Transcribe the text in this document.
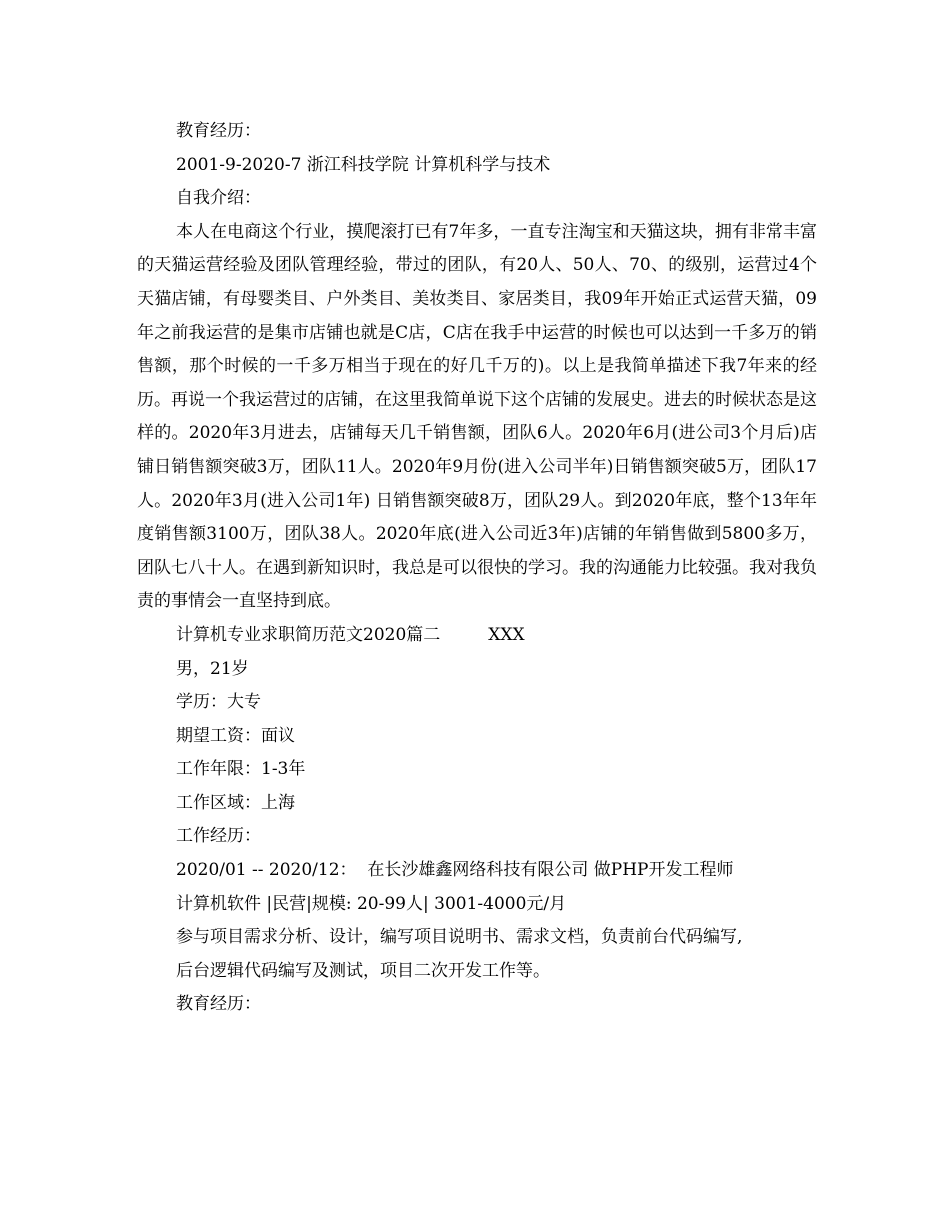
教育经历：
2001-9-2020-7 浙江科技学院 计算机科学与技术
自我介绍：

本人在电商这个行业，摸爬滚打已有7年多，一直专注淘宝和天猫这块，拥有非常丰富的天猫运营经验及团队管理经验，带过的团队，有20人、50人、70、的级别，运营过4个天猫店铺，有母婴类目、户外类目、美妆类目、家居类目，我09年开始正式运营天猫，09年之前我运营的是集市店铺也就是C店，C店在我手中运营的时候也可以达到一千多万的销售额，那个时候的一千多万相当于现在的好几千万的)。以上是我简单描述下我7年来的经历。再说一个我运营过的店铺，在这里我简单说下这个店铺的发展史。进去的时候状态是这样的。2020年3月进去，店铺每天几千销售额，团队6人。2020年6月(进公司3个月后)店铺日销售额突破3万，团队11人。2020年9月份(进入公司半年)日销售额突破5万，团队17人。2020年3月(进入公司1年) 日销售额突破8万，团队29人。到2020年底，整个13年年度销售额3100万，团队38人。2020年底(进入公司近3年)店铺的年销售做到5800多万，团队七八十人。在遇到新知识时，我总是可以很快的学习。我的沟通能力比较强。我对我负责的事情会一直坚持到底。

计算机专业求职简历范文2020篇二	XXX
男，21岁
学历：大专
期望工资：面议
工作年限：1-3年
工作区域：上海
工作经历：
2020/01 -- 2020/12：  在长沙雄鑫网络科技有限公司 做PHP开发工程师
计算机软件 |民营|规模: 20-99人| 3001-4000元/月
参与项目需求分析、设计，编写项目说明书、需求文档，负责前台代码编写,
后台逻辑代码编写及测试，项目二次开发工作等。
教育经历：
